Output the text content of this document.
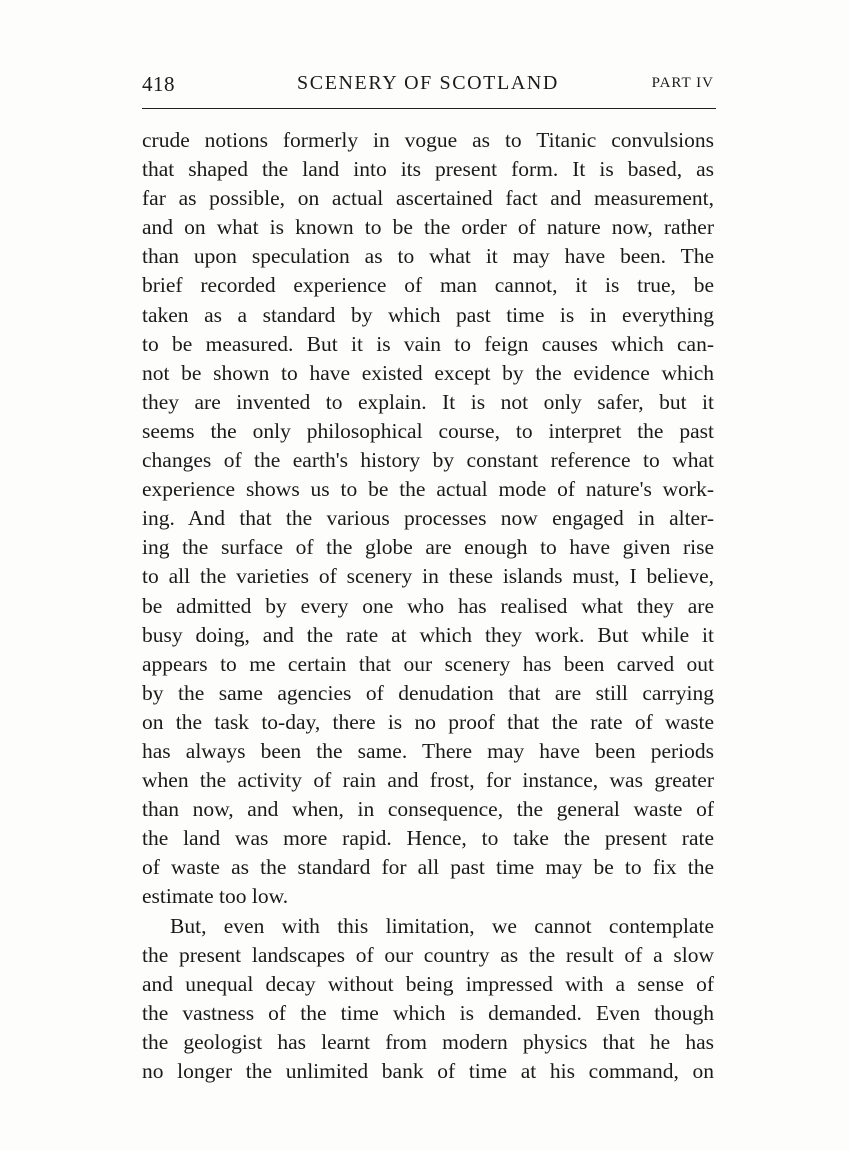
418	SCENERY OF SCOTLAND	PART IV
crude notions formerly in vogue as to Titanic convulsions
that shaped the land into its present form. It is based, as
far as possible, on actual ascertained fact and measurement,
and on what is known to be the order of nature now, rather
than upon speculation as to what it may have been. The
brief recorded experience of man cannot, it is true, be
taken as a standard by which past time is in everything
to be measured. But it is vain to feign causes which can-
not be shown to have existed except by the evidence which
they are invented to explain. It is not only safer, but it
seems the only philosophical course, to interpret the past
changes of the earth's history by constant reference to what
experience shows us to be the actual mode of nature's work-
ing. And that the various processes now engaged in alter-
ing the surface of the globe are enough to have given rise
to all the varieties of scenery in these islands must, I believe,
be admitted by every one who has realised what they are
busy doing, and the rate at which they work. But while it
appears to me certain that our scenery has been carved out
by the same agencies of denudation that are still carrying
on the task to-day, there is no proof that the rate of waste
has always been the same. There may have been periods
when the activity of rain and frost, for instance, was greater
than now, and when, in consequence, the general waste of
the land was more rapid. Hence, to take the present rate
of waste as the standard for all past time may be to fix the
estimate too low.
But, even with this limitation, we cannot contemplate
the present landscapes of our country as the result of a slow
and unequal decay without being impressed with a sense of
the vastness of the time which is demanded. Even though
the geologist has learnt from modern physics that he has
no longer the unlimited bank of time at his command, on
